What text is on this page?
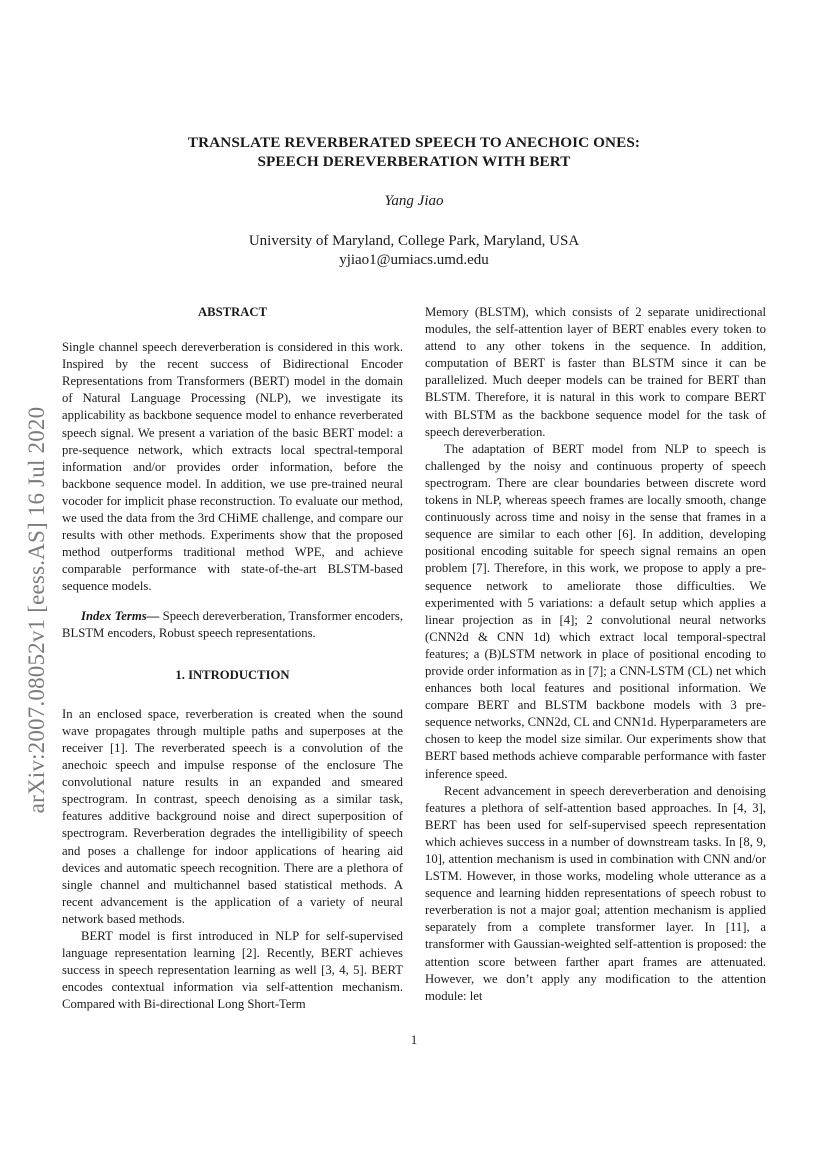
arXiv:2007.08052v1 [eess.AS] 16 Jul 2020
TRANSLATE REVERBERATED SPEECH TO ANECHOIC ONES:
SPEECH DEREVERBERATION WITH BERT
Yang Jiao
University of Maryland, College Park, Maryland, USA
yjiao1@umiacs.umd.edu
ABSTRACT

Single channel speech dereverberation is considered in this work. Inspired by the recent success of Bidirectional Encoder Representations from Transformers (BERT) model in the domain of Natural Language Processing (NLP), we investigate its applicability as backbone sequence model to enhance reverberated speech signal. We present a variation of the basic BERT model: a pre-sequence network, which extracts local spectral-temporal information and/or provides order information, before the backbone sequence model. In addition, we use pre-trained neural vocoder for implicit phase reconstruction. To evaluate our method, we used the data from the 3rd CHiME challenge, and compare our results with other methods. Experiments show that the proposed method outperforms traditional method WPE, and achieve comparable performance with state-of-the-art BLSTM-based sequence models.

Index Terms— Speech dereverberation, Transformer encoders, BLSTM encoders, Robust speech representations.

1. INTRODUCTION

In an enclosed space, reverberation is created when the sound wave propagates through multiple paths and superposes at the receiver [1]. The reverberated speech is a convolution of the anechoic speech and impulse response of the enclosure The convolutional nature results in an expanded and smeared spectrogram. In contrast, speech denoising as a similar task, features additive background noise and direct superposition of spectrogram. Reverberation degrades the intelligibility of speech and poses a challenge for indoor applications of hearing aid devices and automatic speech recognition. There are a plethora of single channel and multichannel based statistical methods. A recent advancement is the application of a variety of neural network based methods.

BERT model is first introduced in NLP for self-supervised language representation learning [2]. Recently, BERT achieves success in speech representation learning as well [3, 4, 5]. BERT encodes contextual information via self-attention mechanism. Compared with Bi-directional Long Short-Term

Memory (BLSTM), which consists of 2 separate unidirectional modules, the self-attention layer of BERT enables every token to attend to any other tokens in the sequence. In addition, computation of BERT is faster than BLSTM since it can be parallelized. Much deeper models can be trained for BERT than BLSTM. Therefore, it is natural in this work to compare BERT with BLSTM as the backbone sequence model for the task of speech dereverberation.

The adaptation of BERT model from NLP to speech is challenged by the noisy and continuous property of speech spectrogram. There are clear boundaries between discrete word tokens in NLP, whereas speech frames are locally smooth, change continuously across time and noisy in the sense that frames in a sequence are similar to each other [6]. In addition, developing positional encoding suitable for speech signal remains an open problem [7]. Therefore, in this work, we propose to apply a pre-sequence network to ameliorate those difficulties. We experimented with 5 variations: a default setup which applies a linear projection as in [4]; 2 convolutional neural networks (CNN2d & CNN 1d) which extract local temporal-spectral features; a (B)LSTM network in place of positional encoding to provide order information as in [7]; a CNN-LSTM (CL) net which enhances both local features and positional information. We compare BERT and BLSTM backbone models with 3 pre-sequence networks, CNN2d, CL and CNN1d. Hyperparameters are chosen to keep the model size similar. Our experiments show that BERT based methods achieve comparable performance with faster inference speed.

Recent advancement in speech dereverberation and denoising features a plethora of self-attention based approaches. In [4, 3], BERT has been used for self-supervised speech representation which achieves success in a number of downstream tasks. In [8, 9, 10], attention mechanism is used in combination with CNN and/or LSTM. However, in those works, modeling whole utterance as a sequence and learning hidden representations of speech robust to reverberation is not a major goal; attention mechanism is applied separately from a complete transformer layer. In [11], a transformer with Gaussian-weighted self-attention is proposed: the attention score between farther apart frames are attenuated. However, we don’t apply any modification to the attention module: let

1
